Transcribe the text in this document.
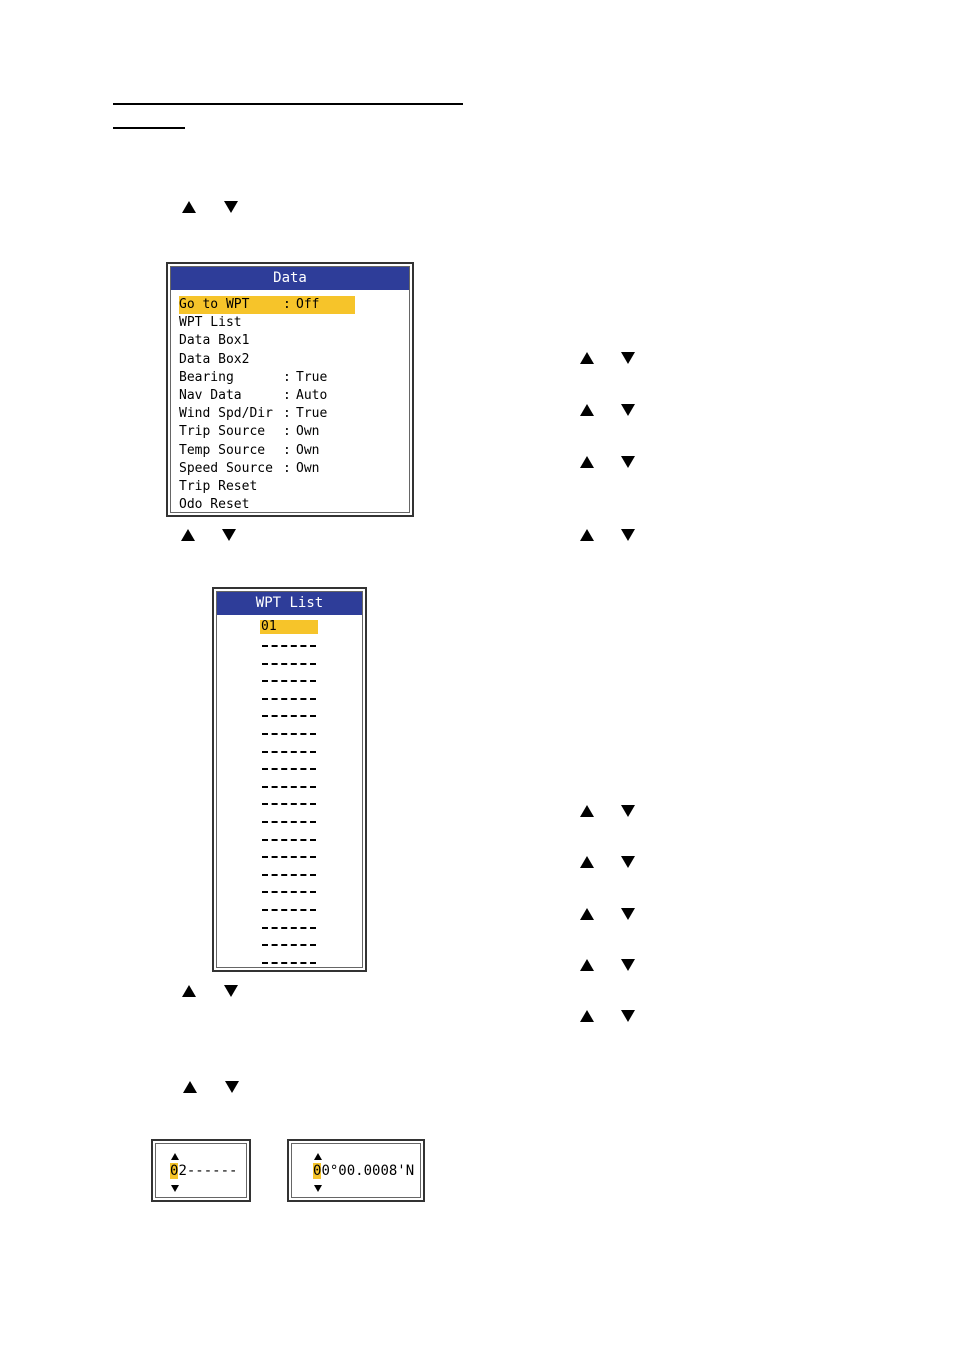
Data
Go to WPT	: Off
WPT List
Data Box1
Data Box2
Bearing	: True
Nav Data	: Auto
Wind Spd/Dir : True
Trip Source : Own
Temp Source : Own
Speed Source : Own
Trip Reset
Odo Reset
WPT List
01
02------	00°00.0008'N
